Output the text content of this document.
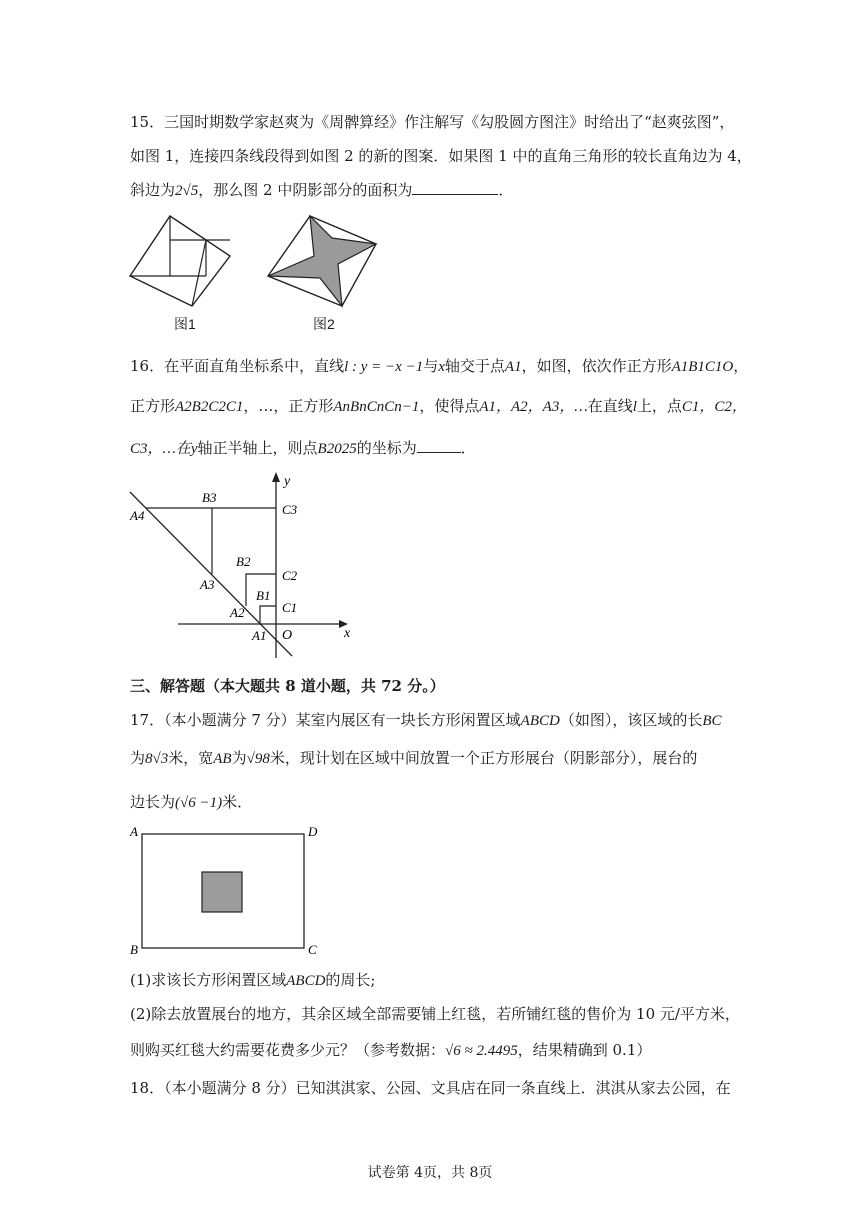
15．三国时期数学家赵爽为《周髀算经》作注解写《勾股圆方图注》时给出了“赵爽弦图”，
如图 1，连接四条线段得到如图 2 的新的图案．如果图 1 中的直角三角形的较长直角边为 4，
斜边为2√5，那么图 2 中阴影部分的面积为	．
图1	图2
16．在平面直角坐标系中，直线l : y = −x −1与x轴交于点A1，如图，依次作正方形A1B1C1O，
正方形A2B2C2C1，…，正方形AnBnCnCn−1，使得点A1，A2，A3，…在直线l上，点C1，C2，
C3，…在y轴正半轴上，则点B2025的坐标为	．
y
x
O
A1
A2
A3
A4
B1
B2
B3
C1
C2
C3
三、解答题（本大题共 8 道小题，共 72 分。）
17．（本小题满分 7 分）某室内展区有一块长方形闲置区域ABCD（如图），该区域的长BC
为8√3米，宽AB为√98米，现计划在区域中间放置一个正方形展台（阴影部分），展台的
边长为(√6 −1)米．
A	D
B	C
(1)求该长方形闲置区域ABCD的周长;
(2)除去放置展台的地方，其余区域全部需要铺上红毯，若所铺红毯的售价为 10 元/平方米，
则购买红毯大约需要花费多少元？（参考数据：√6 ≈ 2.4495，结果精确到 0.1）
18．（本小题满分 8 分）已知淇淇家、公园、文具店在同一条直线上．淇淇从家去公园，在
试卷第 4页，共 8页
